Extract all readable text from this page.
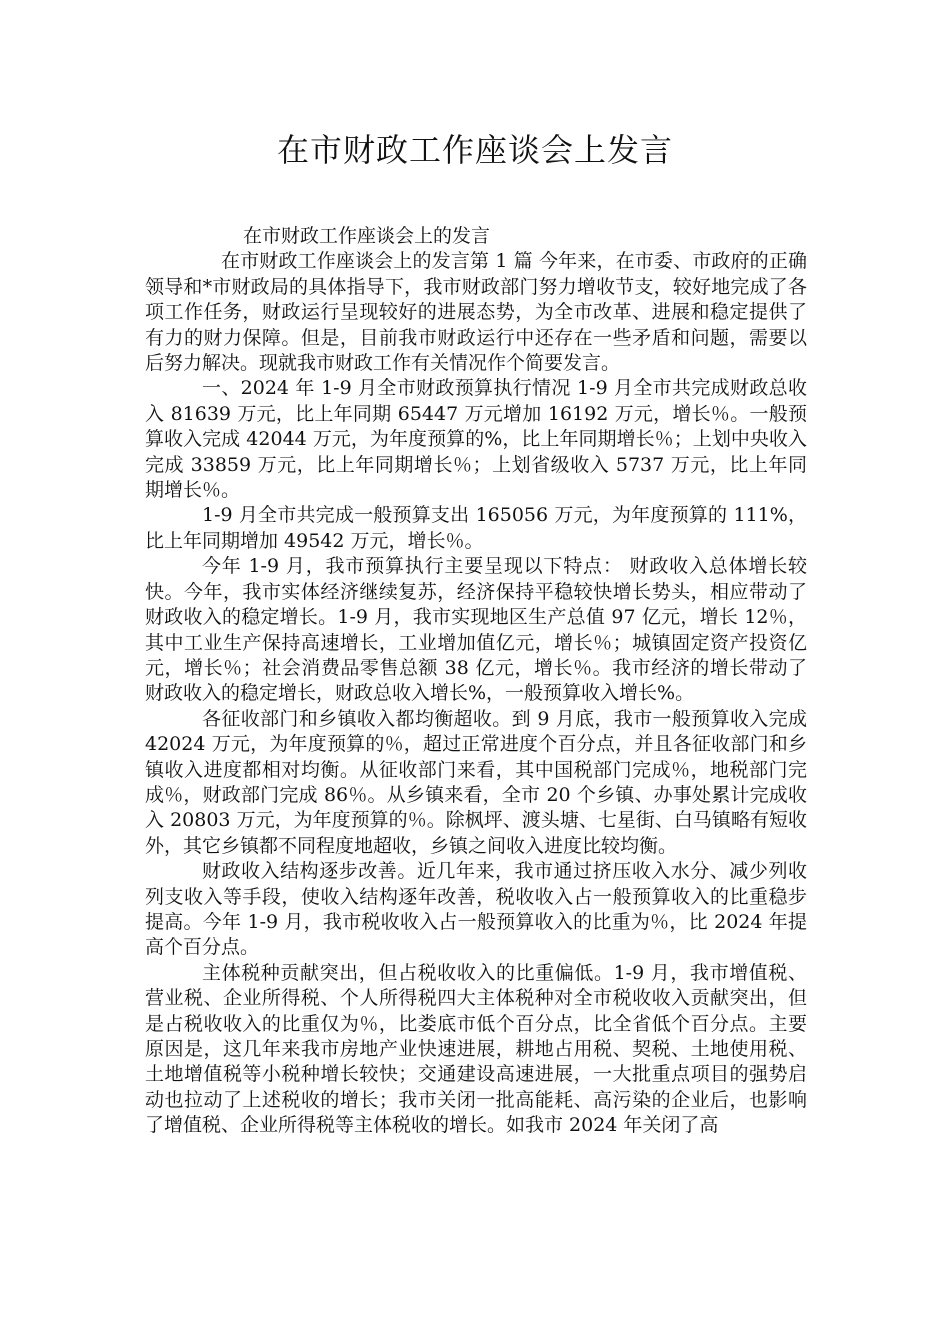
在市财政工作座谈会上发言

在市财政工作座谈会上的发言

在市财政工作座谈会上的发言第 1 篇 今年来，在市委、市政府的正确领导和*市财政局的具体指导下，我市财政部门努力增收节支，较好地完成了各项工作任务，财政运行呈现较好的进展态势，为全市改革、进展和稳定提供了有力的财力保障。但是，目前我市财政运行中还存在一些矛盾和问题，需要以后努力解决。现就我市财政工作有关情况作个简要发言。

一、2024 年 1-9 月全市财政预算执行情况 1-9 月全市共完成财政总收入 81639 万元，比上年同期 65447 万元增加 16192 万元，增长％。一般预算收入完成 42044 万元，为年度预算的%，比上年同期增长％；上划中央收入完成 33859 万元，比上年同期增长％；上划省级收入 5737 万元，比上年同期增长％。

1-9 月全市共完成一般预算支出 165056 万元，为年度预算的 111%，比上年同期增加 49542 万元，增长％。

今年 1-9 月，我市预算执行主要呈现以下特点： 财政收入总体增长较快。今年，我市实体经济继续复苏，经济保持平稳较快增长势头，相应带动了财政收入的稳定增长。1-9 月，我市实现地区生产总值 97 亿元，增长 12％，其中工业生产保持高速增长，工业增加值亿元，增长％；城镇固定资产投资亿元，增长％；社会消费品零售总额 38 亿元，增长％。我市经济的增长带动了财政收入的稳定增长，财政总收入增长%，一般预算收入增长%。

各征收部门和乡镇收入都均衡超收。到 9 月底，我市一般预算收入完成 42024 万元，为年度预算的％，超过正常进度个百分点，并且各征收部门和乡镇收入进度都相对均衡。从征收部门来看，其中国税部门完成％，地税部门完成％，财政部门完成 86％。从乡镇来看，全市 20 个乡镇、办事处累计完成收入 20803 万元，为年度预算的％。除枫坪、渡头塘、七星街、白马镇略有短收外，其它乡镇都不同程度地超收，乡镇之间收入进度比较均衡。

财政收入结构逐步改善。近几年来，我市通过挤压收入水分、减少列收列支收入等手段，使收入结构逐年改善，税收收入占一般预算收入的比重稳步提高。今年 1-9 月，我市税收收入占一般预算收入的比重为％，比 2024 年提高个百分点。

主体税种贡献突出，但占税收收入的比重偏低。1-9 月，我市增值税、营业税、企业所得税、个人所得税四大主体税种对全市税收收入贡献突出，但是占税收收入的比重仅为％，比娄底市低个百分点，比全省低个百分点。主要原因是，这几年来我市房地产业快速进展，耕地占用税、契税、土地使用税、土地增值税等小税种增长较快；交通建设高速进展，一大批重点项目的强势启动也拉动了上述税收的增长；我市关闭一批高能耗、高污染的企业后，也影响了增值税、企业所得税等主体税收的增长。如我市 2024 年关闭了高
